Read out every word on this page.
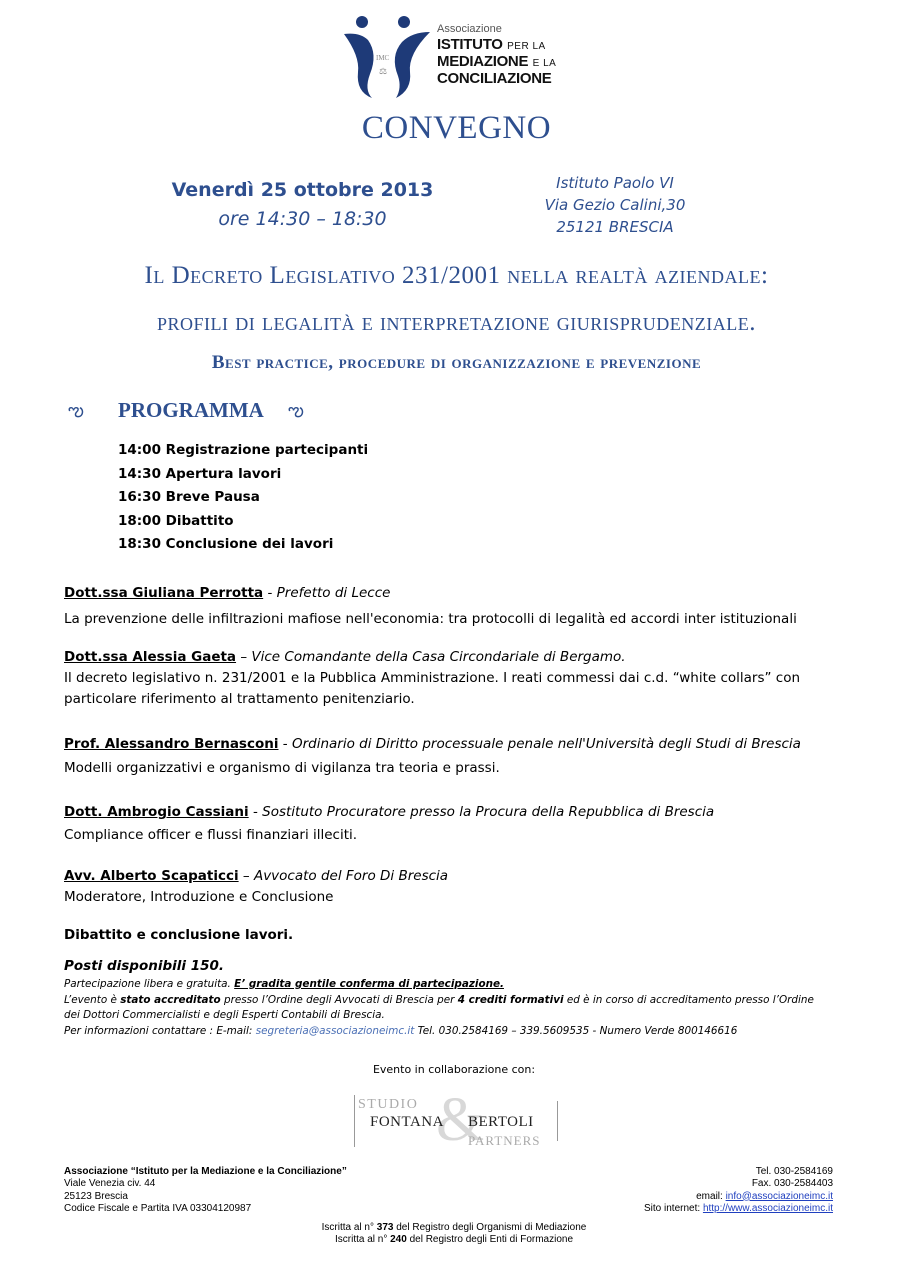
IMC
⚖
Associazione
ISTITUTO PER LA
MEDIAZIONE E LA
CONCILIAZIONE
CONVEGNO
Venerdì 25 ottobre 2013
ore 14:30 – 18:30
Istituto Paolo VI
Via Gezio Calini,30
25121 BRESCIA
Il Decreto Legislativo 231/2001 nella realtà aziendale:
profili di legalità e interpretazione giurisprudenziale.
Best practice, procedure di organizzazione e prevenzione
ఌ PROGRAMMA ఌ
14:00 Registrazione partecipanti
14:30 Apertura lavori
16:30 Breve Pausa
18:00 Dibattito
18:30 Conclusione dei lavori
Dott.ssa Giuliana Perrotta - Prefetto di Lecce
La prevenzione delle infiltrazioni mafiose nell'economia: tra protocolli di legalità ed accordi inter istituzionali
Dott.ssa Alessia Gaeta – Vice Comandante della Casa Circondariale di Bergamo.
Il decreto legislativo n. 231/2001 e la Pubblica Amministrazione. I reati commessi dai c.d. “white collars” con particolare riferimento al trattamento penitenziario.
Prof. Alessandro Bernasconi - Ordinario di Diritto processuale penale nell'Università degli Studi di Brescia
Modelli organizzativi e organismo di vigilanza tra teoria e prassi.
Dott. Ambrogio Cassiani - Sostituto Procuratore presso la Procura della Repubblica di Brescia
Compliance officer e flussi finanziari illeciti.
Avv. Alberto Scapaticci – Avvocato del Foro Di Brescia
Moderatore, Introduzione e Conclusione
Dibattito e conclusione lavori.
Posti disponibili 150.
Partecipazione libera e gratuita. E’ gradita gentile conferma di partecipazione.
L’evento è stato accreditato presso l’Ordine degli Avvocati di Brescia per 4 crediti formativi ed è in corso di accreditamento presso l’Ordine
dei Dottori Commercialisti e degli Esperti Contabili di Brescia.
Per informazioni contattare : E-mail: segreteria@associazioneimc.it Tel. 030.2584169 – 339.5609535 - Numero Verde 800146616
Evento in collaborazione con:
&
STUDIO
FONTANA BERTOLI
PARTNERS
Associazione “Istituto per la Mediazione e la Conciliazione”
Viale Venezia civ. 44
25123 Brescia
Codice Fiscale e Partita IVA 03304120987
Tel. 030-2584169
Fax. 030-2584403
email: info@associazioneimc.it
Sito internet: http://www.associazioneimc.it
Iscritta al n° 373 del Registro degli Organismi di Mediazione
Iscritta al n° 240 del Registro degli Enti di Formazione
